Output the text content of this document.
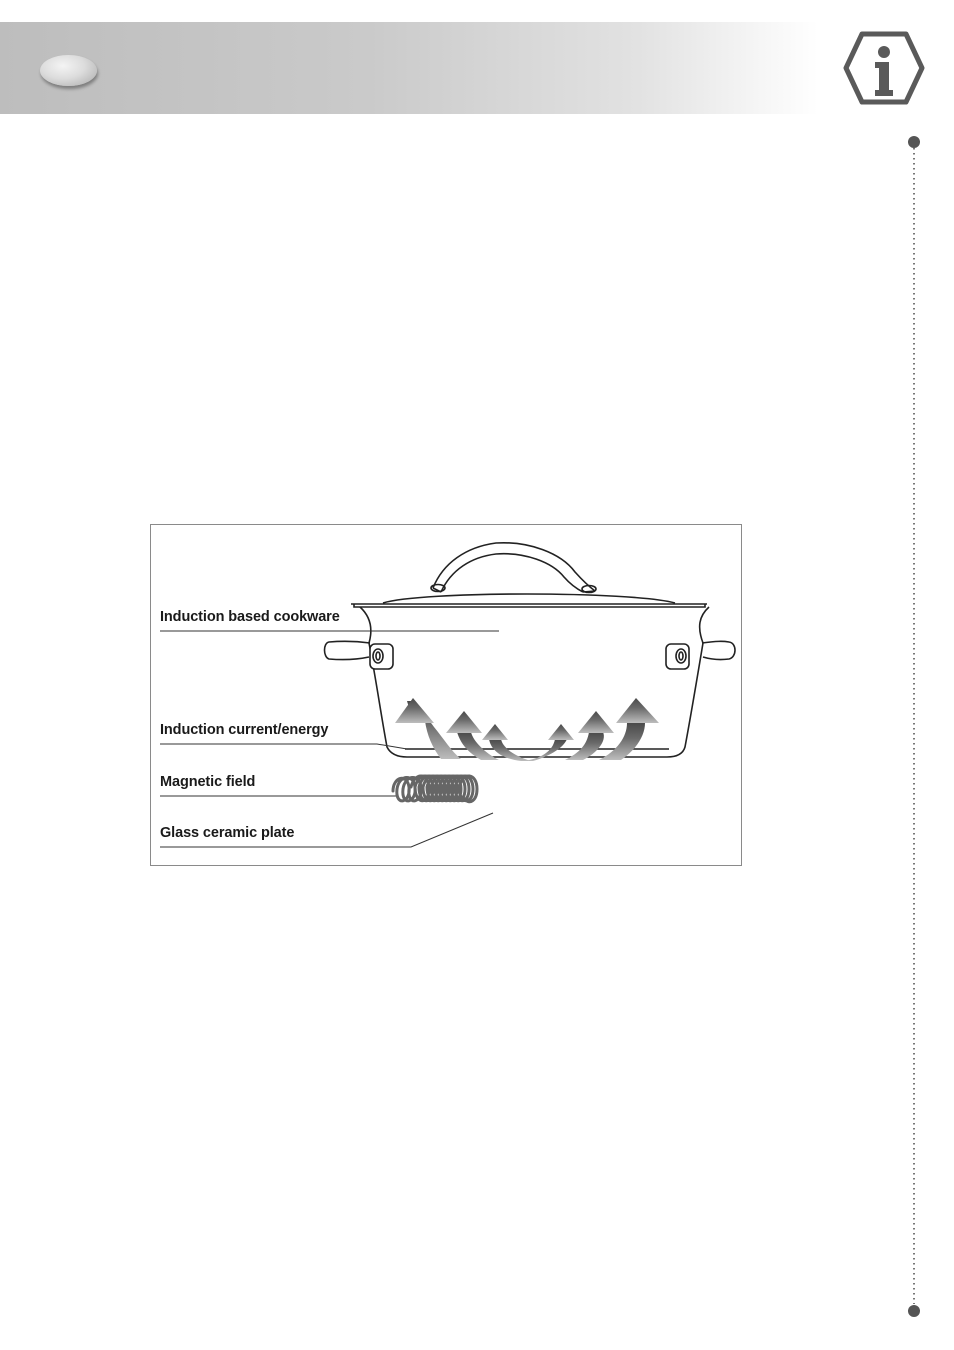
Induction based cookware
Induction current/energy
Magnetic field
Glass ceramic plate
